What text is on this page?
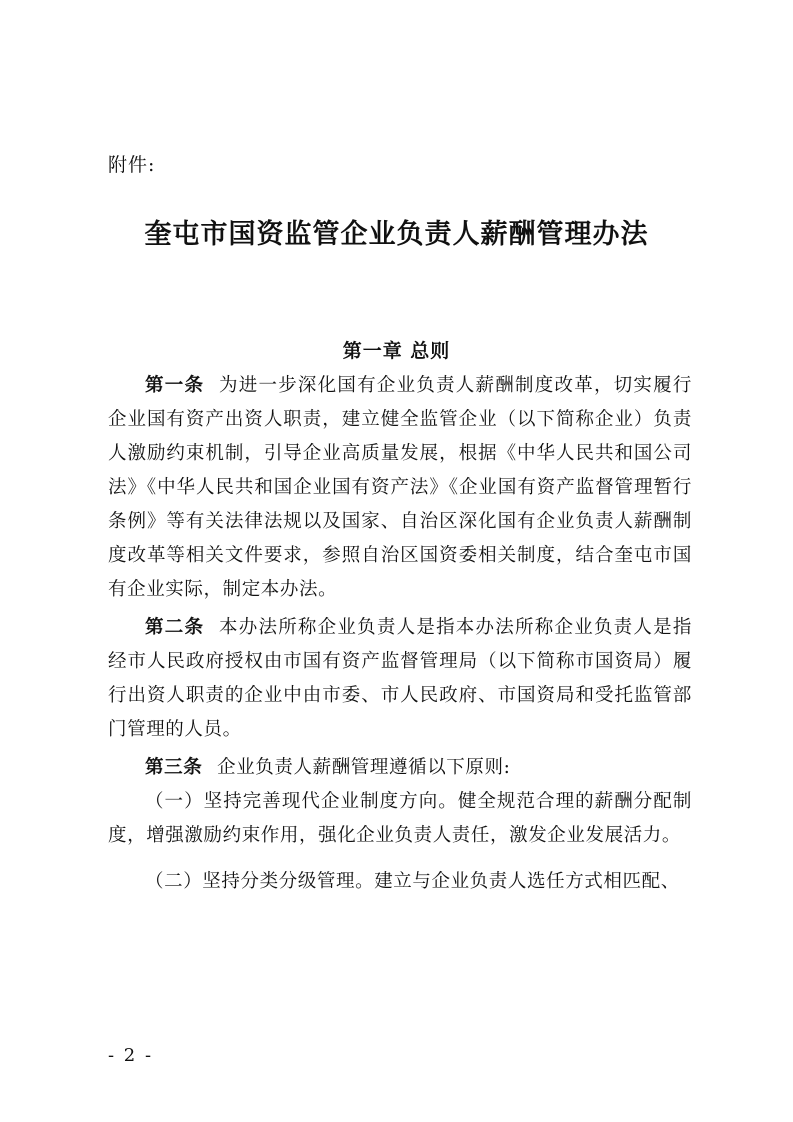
附件:
奎屯市国资监管企业负责人薪酬管理办法
第一章 总则

第一条 为进一步深化国有企业负责人薪酬制度改革，切实履行企业国有资产出资人职责，建立健全监管企业（以下简称企业）负责人激励约束机制，引导企业高质量发展，根据《中华人民共和国公司法》《中华人民共和国企业国有资产法》《企业国有资产监督管理暂行条例》等有关法律法规以及国家、自治区深化国有企业负责人薪酬制度改革等相关文件要求，参照自治区国资委相关制度，结合奎屯市国有企业实际，制定本办法。

第二条 本办法所称企业负责人是指本办法所称企业负责人是指经市人民政府授权由市国有资产监督管理局（以下简称市国资局）履行出资人职责的企业中由市委、市人民政府、市国资局和受托监管部门管理的人员。

第三条 企业负责人薪酬管理遵循以下原则:

（一）坚持完善现代企业制度方向。健全规范合理的薪酬分配制度，增强激励约束作用，强化企业负责人责任，激发企业发展活力。

（二）坚持分类分级管理。建立与企业负责人选任方式相匹配、

- 2 -
